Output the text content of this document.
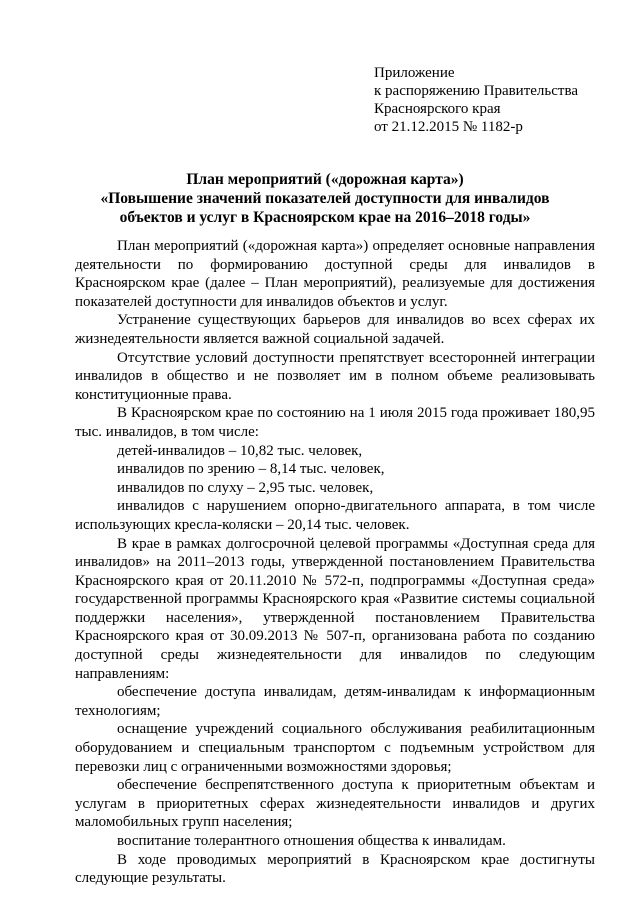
Приложение
к распоряжению Правительства
Красноярского края
от 21.12.2015 № 1182-р
План мероприятий («дорожная карта»)
«Повышение значений показателей доступности для инвалидов
объектов и услуг в Красноярском крае на 2016–2018 годы»

План мероприятий («дорожная карта») определяет основные направления деятельности по формированию доступной среды для инвалидов в Красноярском крае (далее – План мероприятий), реализуемые для достижения показателей доступности для инвалидов объектов и услуг.

Устранение существующих барьеров для инвалидов во всех сферах их жизнедеятельности является важной социальной задачей.

Отсутствие условий доступности препятствует всесторонней интеграции инвалидов в общество и не позволяет им в полном объеме реализовывать конституционные права.

В Красноярском крае по состоянию на 1 июля 2015 года проживает 180,95 тыс. инвалидов, в том числе:

детей-инвалидов – 10,82 тыс. человек,

инвалидов по зрению – 8,14 тыс. человек,

инвалидов по слуху – 2,95 тыс. человек,

инвалидов с нарушением опорно-двигательного аппарата, в том числе использующих кресла-коляски – 20,14 тыс. человек.

В крае в рамках долгосрочной целевой программы «Доступная среда для инвалидов» на 2011–2013 годы, утвержденной постановлением Правительства Красноярского края от 20.11.2010 № 572-п, подпрограммы «Доступная среда» государственной программы Красноярского края «Развитие системы социальной поддержки населения», утвержденной постановлением Правительства Красноярского края от 30.09.2013 № 507-п, организована работа по созданию доступной среды жизнедеятельности для инвалидов по следующим направлениям:

обеспечение доступа инвалидам, детям-инвалидам к информационным технологиям;

оснащение учреждений социального обслуживания реабилитационным оборудованием и специальным транспортом с подъемным устройством для перевозки лиц с ограниченными возможностями здоровья;

обеспечение беспрепятственного доступа к приоритетным объектам и услугам в приоритетных сферах жизнедеятельности инвалидов и других маломобильных групп населения;

воспитание толерантного отношения общества к инвалидам.

В ходе проводимых мероприятий в Красноярском крае достигнуты следующие результаты.
